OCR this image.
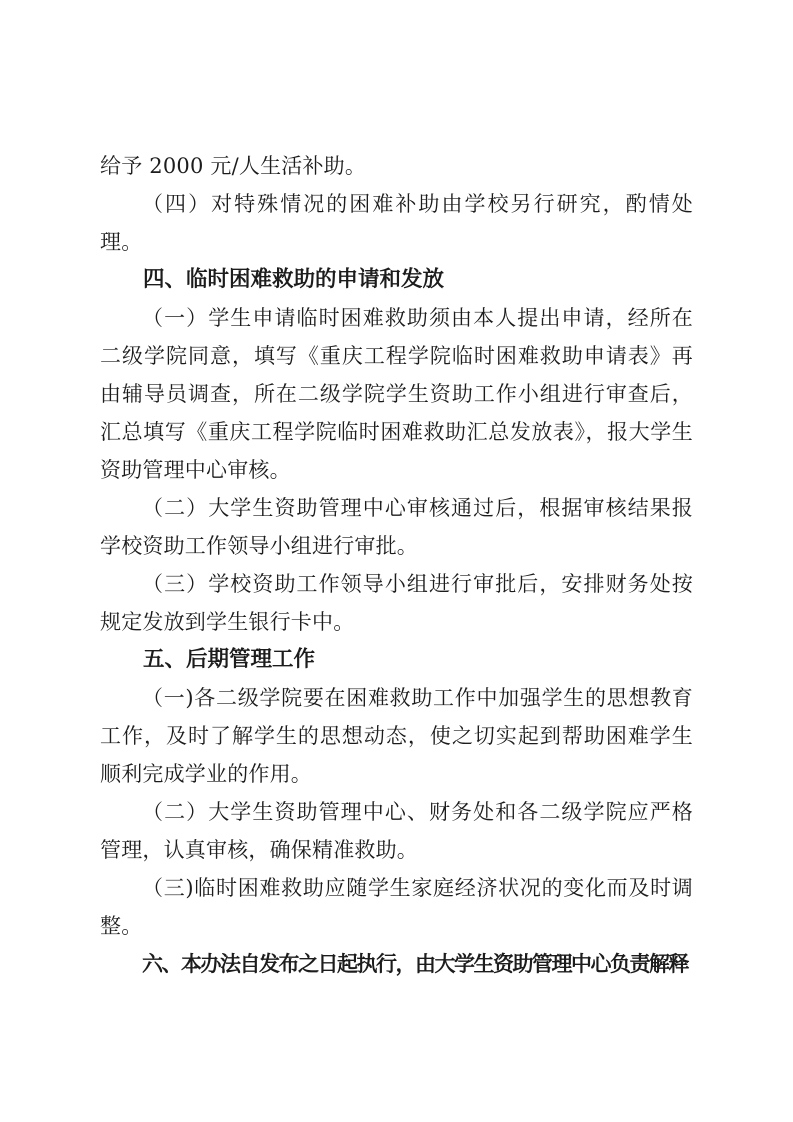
给予 2000 元/人生活补助。

（四）对特殊情况的困难补助由学校另行研究，酌情处理。

四、临时困难救助的申请和发放

（一）学生申请临时困难救助须由本人提出申请，经所在二级学院同意，填写《重庆工程学院临时困难救助申请表》再由辅导员调查，所在二级学院学生资助工作小组进行审查后，汇总填写《重庆工程学院临时困难救助汇总发放表》，报大学生资助管理中心审核。

（二）大学生资助管理中心审核通过后，根据审核结果报学校资助工作领导小组进行审批。

（三）学校资助工作领导小组进行审批后，安排财务处按规定发放到学生银行卡中。

五、后期管理工作

（一)各二级学院要在困难救助工作中加强学生的思想教育工作，及时了解学生的思想动态，使之切实起到帮助困难学生顺利完成学业的作用。

（二）大学生资助管理中心、财务处和各二级学院应严格管理，认真审核，确保精准救助。

（三)临时困难救助应随学生家庭经济状况的变化而及时调整。

六、本办法自发布之日起执行，由大学生资助管理中心负责解释
